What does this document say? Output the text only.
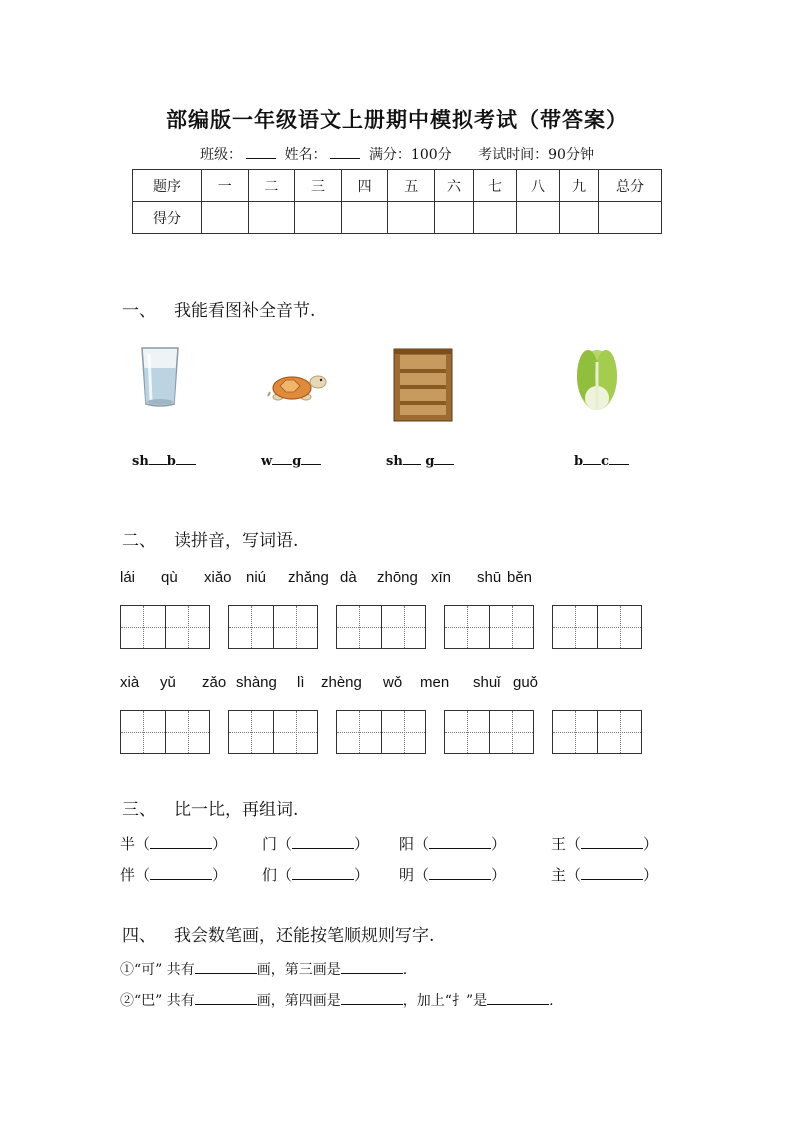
部编版一年级语文上册期中模拟考试（带答案）
班级：	姓名：	满分：100分 考试时间：90分钟
题序	一	二	三	四	五	六	七	八	九	总分
得分										
一、 我能看图补全音节.
sh b	w g	sh g	b c
二、 读拼音，写词语.
lái qù xiǎo niú zhǎng dà zhōng xīn shū běn
xià yǔ zǎo shàng lì zhèng wǒ men shuǐ guǒ
三、 比一比，再组词.
半（	） 门（	） 阳（	）	王（	）
伴（	） 们（	） 明（	）	主（	）
四、 我会数笔画，还能按笔顺规则写字.
①“可” 共有	画，第三画是	.
②“巴” 共有	画，第四画是	，加上“扌”是	.
